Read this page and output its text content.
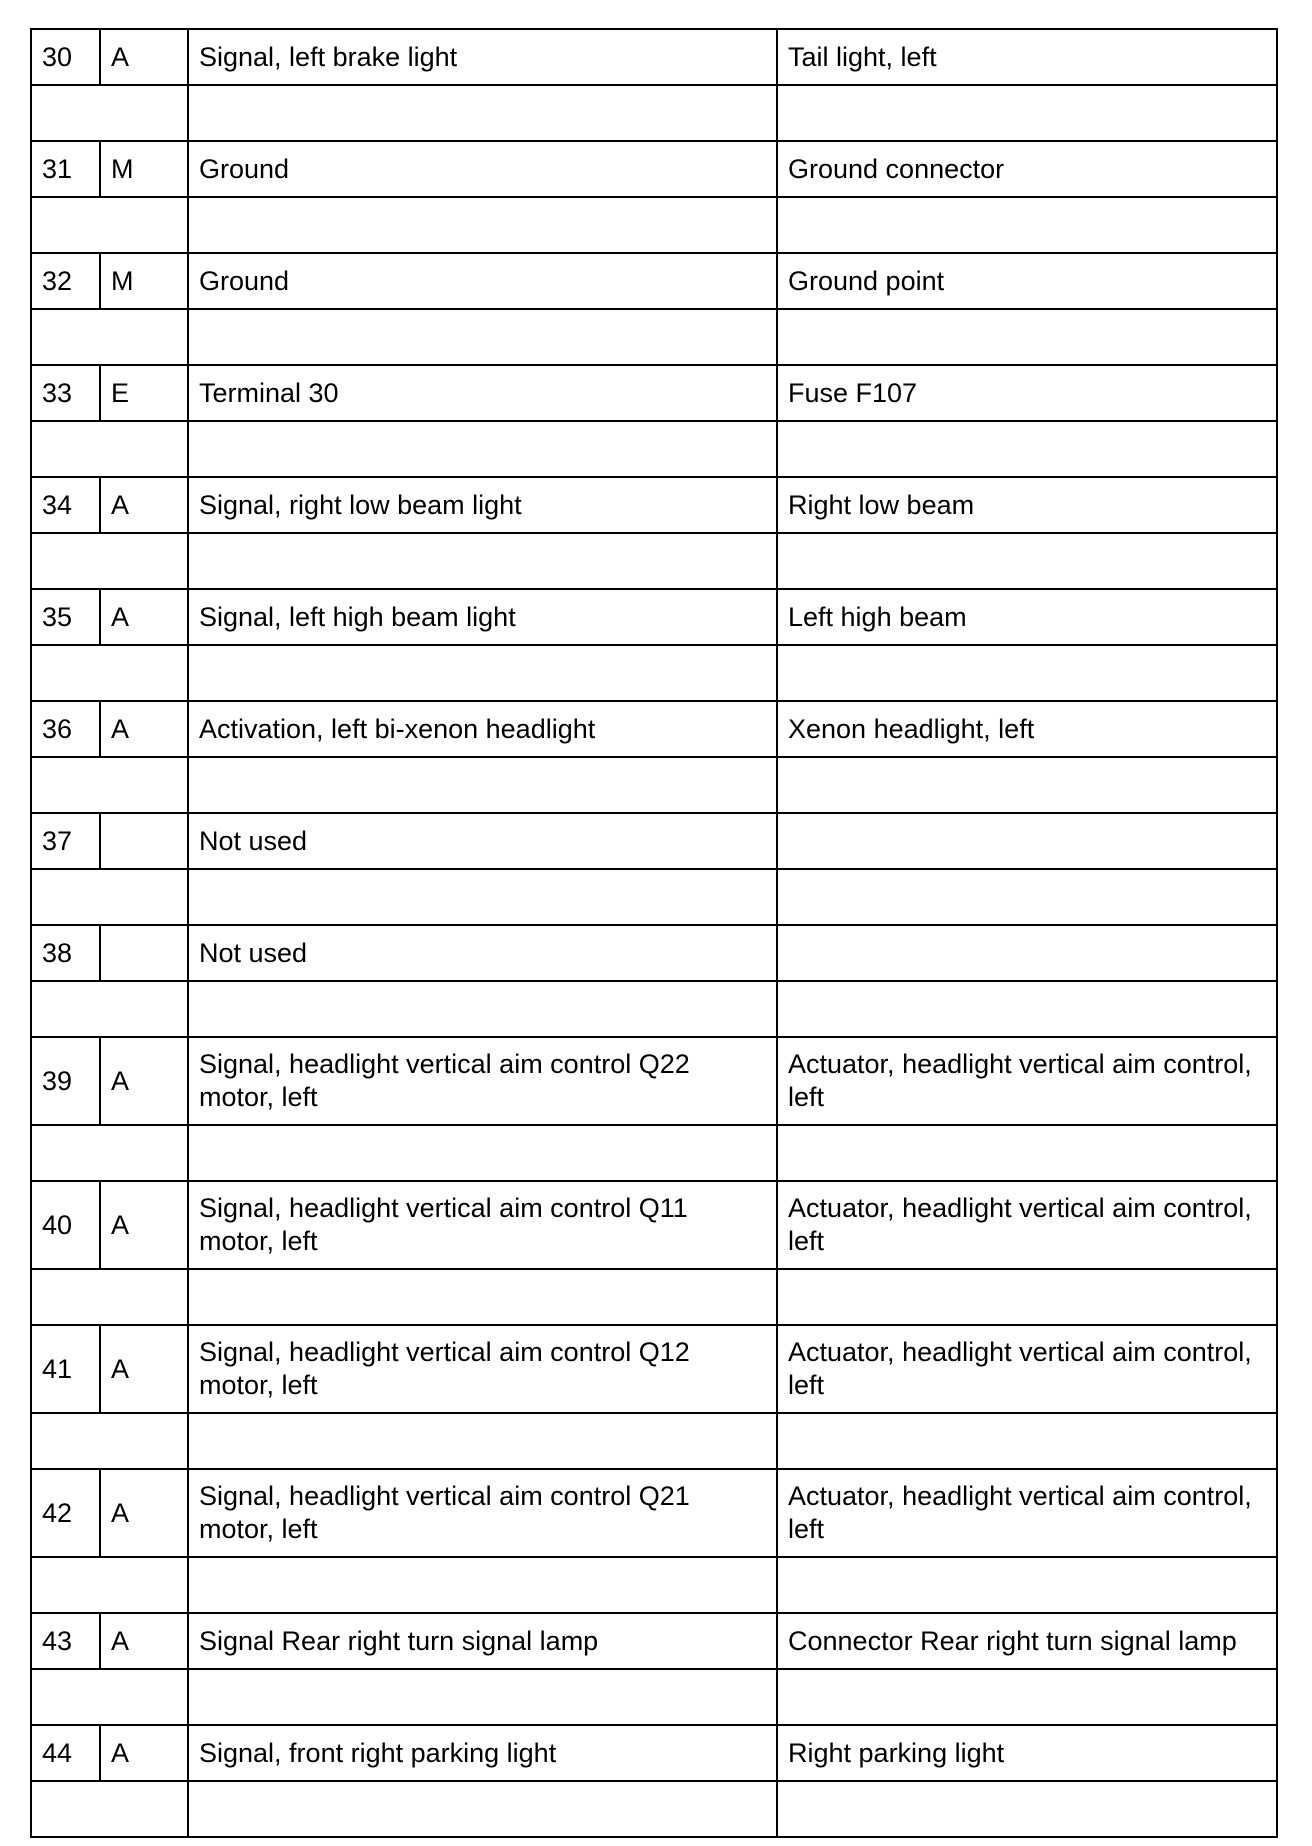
30	A	Signal, left brake light	Tail light, left

31	M	Ground	Ground connector

32	M	Ground	Ground point

33	E	Terminal 30	Fuse F107

34	A	Signal, right low beam light	Right low beam

35	A	Signal, left high beam light	Left high beam

36	A	Activation, left bi-xenon headlight	Xenon headlight, left

37		Not used	

38		Not used	

39	A	Signal, headlight vertical aim control Q22 motor, left	Actuator, headlight vertical aim control, left

40	A	Signal, headlight vertical aim control Q11 motor, left	Actuator, headlight vertical aim control, left

41	A	Signal, headlight vertical aim control Q12 motor, left	Actuator, headlight vertical aim control, left

42	A	Signal, headlight vertical aim control Q21 motor, left	Actuator, headlight vertical aim control, left

43	A	Signal Rear right turn signal lamp	Connector Rear right turn signal lamp

44	A	Signal, front right parking light	Right parking light
